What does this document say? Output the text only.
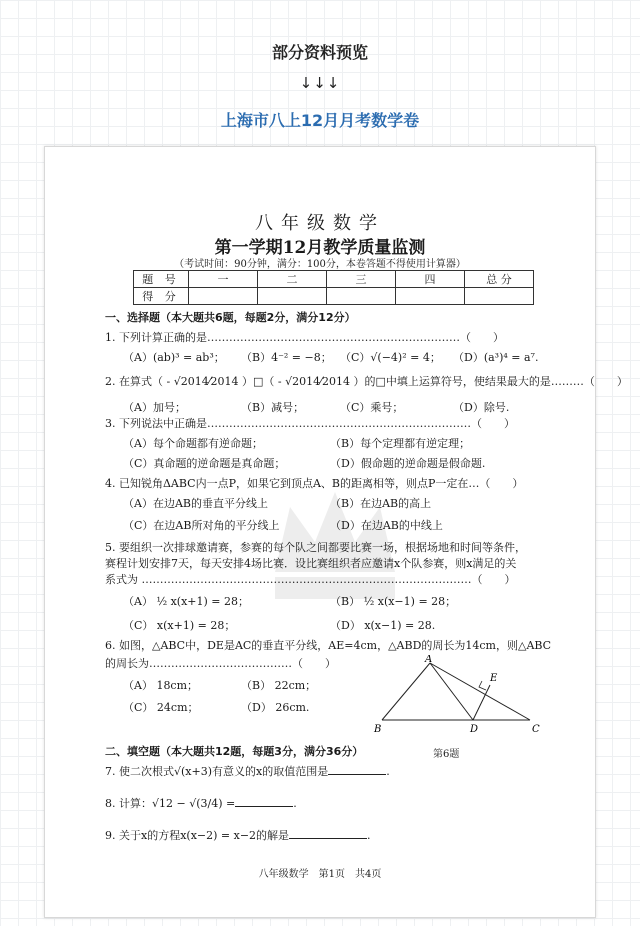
部分资料预览
↓↓↓
上海市八上12月月考数学卷
八年级数学
第一学期12月教学质量监测
（考试时间：90分钟，满分：100分，本卷答题不得使用计算器）
题 号	一	二	三	四	总 分
得 分					
一、选择题（本大题共6题，每题2分，满分12分）
1. 下列计算正确的是……………………………………………………………（　　）
（A）(ab)³ = ab³； （B）4⁻² = −8； （C）√(−4)² = 4； （D）(a³)⁴ = a⁷.
2. 在算式（ - √2014⁄2014 ）□（ - √2014⁄2014 ）的□中填上运算符号，使结果最大的是………（　　）
（A）加号；	（B）减号；	（C）乘号；	（D）除号.
3. 下列说法中正确是………………………………………………………………（　　）
（A）每个命题都有逆命题；	（B）每个定理都有逆定理；
（C）真命题的逆命题是真命题；	（D）假命题的逆命题是假命题.
4. 已知锐角ΔABC内一点P，如果它到顶点A、B的距离相等，则点P一定在…（　　）
（A）在边AB的垂直平分线上	（B）在边AB的高上
（C）在边AB所对角的平分线上	（D）在边AB的中线上
5. 要组织一次排球邀请赛，参赛的每个队之间都要比赛一场，根据场地和时间等条件，
赛程计划安排7天，每天安排4场比赛．设比赛组织者应邀请x个队参赛，则x满足的关
系式为 ………………………………………………………………………………（　　）
（A） ½ x(x+1) = 28；	（B） ½ x(x−1) = 28；
（C） x(x+1) = 28；	（D） x(x−1) = 28.
6. 如图，△ABC中，DE是AC的垂直平分线，AE=4cm，△ABD的周长为14cm，则△ABC
的周长为…………………………………（　　）
（A） 18cm；	（B） 22cm；
（C） 24cm；	（D） 26cm.
A
B	C
D
E
第6题
二、填空题（本大题共12题，每题3分，满分36分）
7. 使二次根式√(x+3)有意义的x的取值范围是	.
8. 计算：√12 − √(3/4) =	.
9. 关于x的方程x(x−2) = x−2的解是	.
八年级数学　第1页　共4页
